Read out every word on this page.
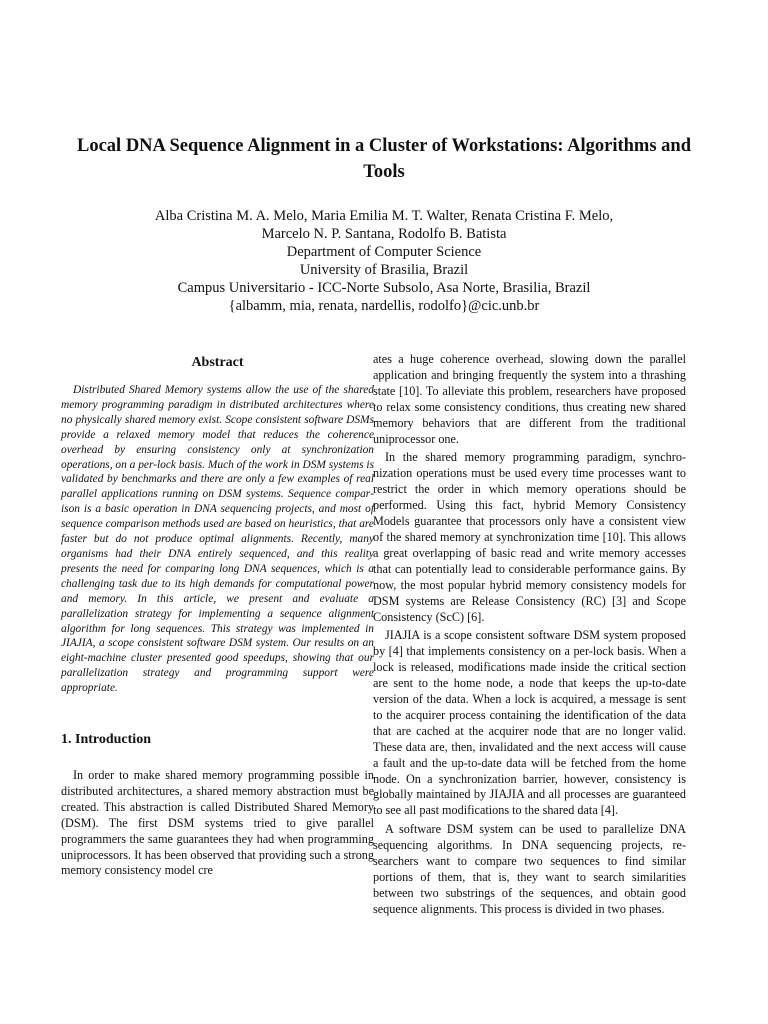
Local DNA Sequence Alignment in a Cluster of Workstations: Algorithms and Tools
Alba Cristina M. A. Melo, Maria Emilia M. T. Walter, Renata Cristina F. Melo,
Marcelo N. P. Santana, Rodolfo B. Batista
Department of Computer Science
University of Brasilia, Brazil
Campus Universitario - ICC-Norte Subsolo, Asa Norte, Brasilia, Brazil
{albamm, mia, renata, nardellis, rodolfo}@cic.unb.br
Abstract

Distributed Shared Memory systems allow the use of the shared memory programming paradigm in distributed architectures where no physically shared memory exist. Scope consistent software DSMs provide a relaxed memory model that reduces the coherence overhead by ensuring consistency only at synchronization operations, on a per-lock basis. Much of the work in DSM systems is validated by benchmarks and there are only a few examples of real parallel applications running on DSM systems. Sequence comparison is a basic operation in DNA sequencing projects, and most of sequence comparison methods used are based on heuristics, that are faster but do not produce optimal alignments. Recently, many organisms had their DNA entirely sequenced, and this reality presents the need for comparing long DNA sequences, which is a challenging task due to its high demands for computational power and memory. In this article, we present and evaluate a parallelization strategy for implementing a sequence alignment algorithm for long sequences. This strategy was implemented in JIAJIA, a scope consistent software DSM system. Our results on an eight-machine cluster presented good speedups, showing that our parallelization strategy and programming support were appropriate.

1. Introduction

In order to make shared memory programming possible in distributed architectures, a shared memory abstraction must be created. This abstraction is called Distributed Shared Memory (DSM). The first DSM systems tried to give parallel programmers the same guarantees they had when programming uniprocessors. It has been observed that providing such a strong memory consistency model cre

ates a huge coherence overhead, slowing down the parallel application and bringing frequently the system into a thrashing state [10]. To alleviate this problem, researchers have proposed to relax some consistency conditions, thus creating new shared memory behaviors that are different from the traditional uniprocessor one.

In the shared memory programming paradigm, synchronization operations must be used every time processes want to restrict the order in which memory operations should be performed. Using this fact, hybrid Memory Consistency Models guarantee that processors only have a consistent view of the shared memory at synchronization time [10]. This allows a great overlapping of basic read and write memory accesses that can potentially lead to considerable performance gains. By now, the most popular hybrid memory consistency models for DSM systems are Release Consistency (RC) [3] and Scope Consistency (ScC) [6].

JIAJIA is a scope consistent software DSM system proposed by [4] that implements consistency on a per-lock basis. When a lock is released, modifications made inside the critical section are sent to the home node, a node that keeps the up-to-date version of the data. When a lock is acquired, a message is sent to the acquirer process containing the identification of the data that are cached at the acquirer node that are no longer valid. These data are, then, invalidated and the next access will cause a fault and the up-to-date data will be fetched from the home node. On a synchronization barrier, however, consistency is globally maintained by JIAJIA and all processes are guaranteed to see all past modifications to the shared data [4].

A software DSM system can be used to parallelize DNA sequencing algorithms. In DNA sequencing projects, researchers want to compare two sequences to find similar portions of them, that is, they want to search similarities between two substrings of the sequences, and obtain good sequence alignments. This process is divided in two phases.
